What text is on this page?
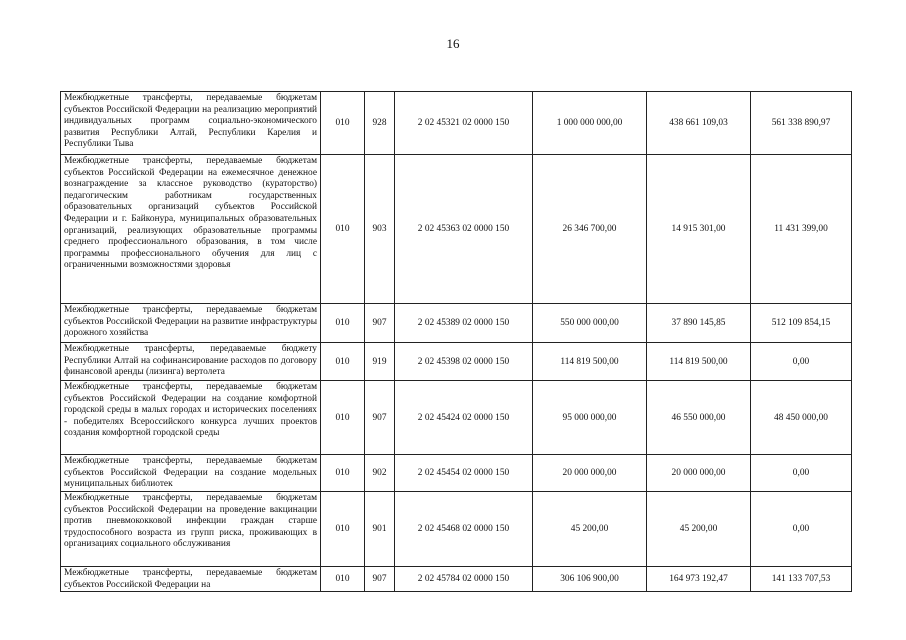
16
Межбюджетные трансферты, передаваемые бюджетам субъектов Российской Федерации на реализацию мероприятий индивидуальных программ социально-экономического развития Республики Алтай, Республики Карелия и Республики Тыва	010	928	2 02 45321 02 0000 150	1 000 000 000,00	438 661 109,03	561 338 890,97
Межбюджетные трансферты, передаваемые бюджетам субъектов Российской Федерации на ежемесячное денежное вознаграждение за классное руководство (кураторство) педагогическим работникам государственных образовательных организаций субъектов Российской Федерации и г. Байконура, муниципальных образовательных организаций, реализующих образовательные программы среднего профессионального образования, в том числе программы профессионального обучения для лиц с ограниченными возможностями здоровья	010	903	2 02 45363 02 0000 150	26 346 700,00	14 915 301,00	11 431 399,00
Межбюджетные трансферты, передаваемые бюджетам субъектов Российской Федерации на развитие инфраструктуры дорожного хозяйства	010	907	2 02 45389 02 0000 150	550 000 000,00	37 890 145,85	512 109 854,15
Межбюджетные трансферты, передаваемые бюджету Республики Алтай на софинансирование расходов по договору финансовой аренды (лизинга) вертолета	010	919	2 02 45398 02 0000 150	114 819 500,00	114 819 500,00	0,00
Межбюджетные трансферты, передаваемые бюджетам субъектов Российской Федерации на создание комфортной городской среды в малых городах и исторических поселениях - победителях Всероссийского конкурса лучших проектов создания комфортной городской среды	010	907	2 02 45424 02 0000 150	95 000 000,00	46 550 000,00	48 450 000,00
Межбюджетные трансферты, передаваемые бюджетам субъектов Российской Федерации на создание модельных муниципальных библиотек	010	902	2 02 45454 02 0000 150	20 000 000,00	20 000 000,00	0,00
Межбюджетные трансферты, передаваемые бюджетам субъектов Российской Федерации на проведение вакцинации против пневмококковой инфекции граждан старше трудоспособного возраста из групп риска, проживающих в организациях социального обслуживания	010	901	2 02 45468 02 0000 150	45 200,00	45 200,00	0,00
Межбюджетные трансферты, передаваемые бюджетам субъектов Российской Федерации на	010	907	2 02 45784 02 0000 150	306 106 900,00	164 973 192,47	141 133 707,53
